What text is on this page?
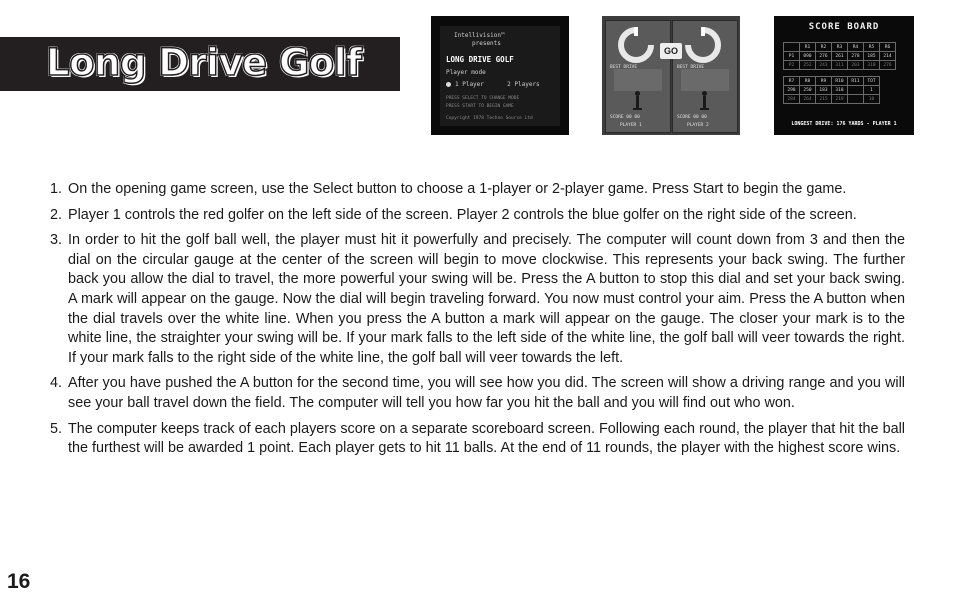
Long Drive Golf
Intellivision™
presents
LONG DRIVE GOLF
Player mode
1 Player	2 Players
PRESS SELECT TO CHANGE MODE
PRESS START TO BEGIN GAME
Copyright 1978 Techno Source Ltd
BEST DRIVE
SCORE 00 00
PLAYER 1
BEST DRIVE
SCORE 00 00
PLAYER 2
GO
SCORE BOARD
	R1	R2	R3	R4	R5	R6
P1	090	276	261	278	185	214
P2	252	243	311	203	310	276
R7	R8	R9	R10	R11	TOT
298	250	183	318		1
284	264	215	219		10
LONGEST DRIVE: 176 YARDS - PLAYER 1
1. On the opening game screen, use the Select button to choose a 1-player or 2-player game. Press Start to begin the game.
2. Player 1 controls the red golfer on the left side of the screen. Player 2 controls the blue golfer on the right side of the screen.
3. In order to hit the golf ball well, the player must hit it powerfully and precisely. The computer will count down from 3 and then the dial on the circular gauge at the center of the screen will begin to move clockwise. This represents your back swing. The further back you allow the dial to travel, the more powerful your swing will be. Press the A button to stop this dial and set your back swing. A mark will appear on the gauge. Now the dial will begin traveling forward. You now must control your aim. Press the A button when the dial travels over the white line. When you press the A button a mark will appear on the gauge. The closer your mark is to the white line, the straighter your swing will be. If your mark falls to the left side of the white line, the golf ball will veer towards the right. If your mark falls to the right side of the white line, the golf ball will veer towards the left.
4. After you have pushed the A button for the second time, you will see how you did. The screen will show a driving range and you will see your ball travel down the field. The computer will tell you how far you hit the ball and you will find out who won.
5. The computer keeps track of each players score on a separate scoreboard screen. Following each round, the player that hit the ball the furthest will be awarded 1 point. Each player gets to hit 11 balls. At the end of 11 rounds, the player with the highest score wins.
16
